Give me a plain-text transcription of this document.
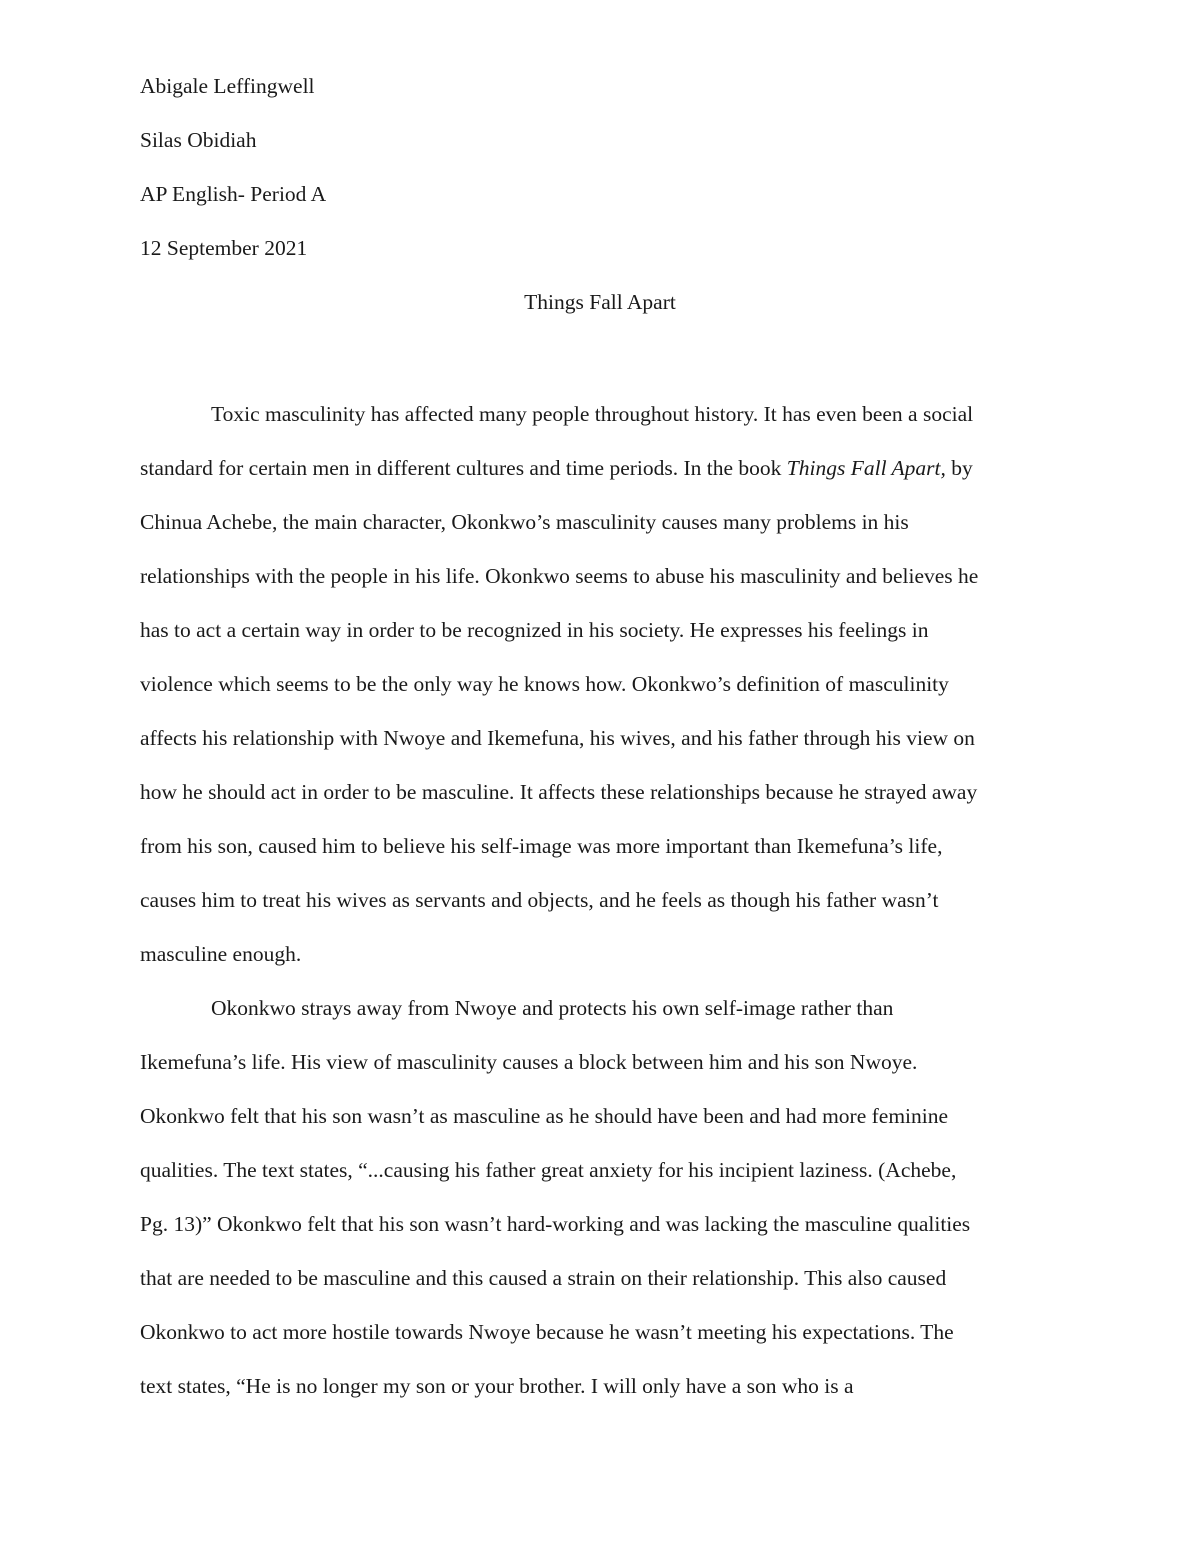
Abigale Leffingwell
Silas Obidiah
AP English- Period A
12 September 2021
Things Fall Apart
Toxic masculinity has affected many people throughout history. It has even been a social
standard for certain men in different cultures and time periods. In the book Things Fall Apart, by
Chinua Achebe, the main character, Okonkwo’s masculinity causes many problems in his
relationships with the people in his life. Okonkwo seems to abuse his masculinity and believes he
has to act a certain way in order to be recognized in his society. He expresses his feelings in
violence which seems to be the only way he knows how. Okonkwo’s definition of masculinity
affects his relationship with Nwoye and Ikemefuna, his wives, and his father through his view on
how he should act in order to be masculine. It affects these relationships because he strayed away
from his son, caused him to believe his self-image was more important than Ikemefuna’s life,
causes him to treat his wives as servants and objects, and he feels as though his father wasn’t
masculine enough.
Okonkwo strays away from Nwoye and protects his own self-image rather than
Ikemefuna’s life. His view of masculinity causes a block between him and his son Nwoye.
Okonkwo felt that his son wasn’t as masculine as he should have been and had more feminine
qualities. The text states, “...causing his father great anxiety for his incipient laziness. (Achebe,
Pg. 13)” Okonkwo felt that his son wasn’t hard-working and was lacking the masculine qualities
that are needed to be masculine and this caused a strain on their relationship. This also caused
Okonkwo to act more hostile towards Nwoye because he wasn’t meeting his expectations. The
text states, “He is no longer my son or your brother. I will only have a son who is a
